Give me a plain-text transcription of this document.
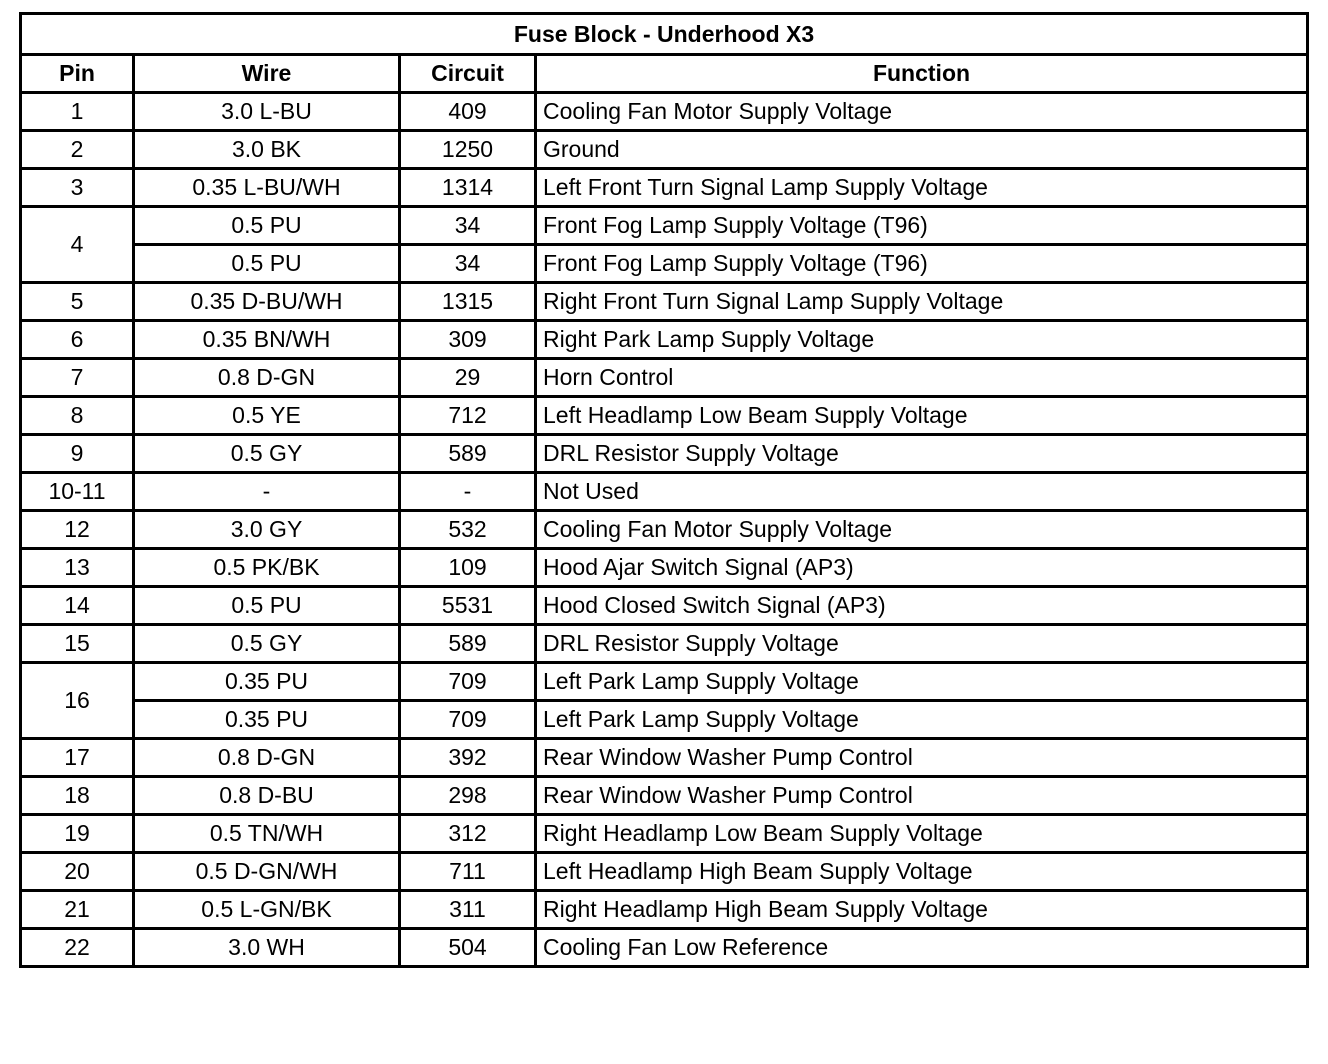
Fuse Block - Underhood X3			
Pin	Wire	Circuit	Function
1	3.0 L-BU	409	Cooling Fan Motor Supply Voltage
2	3.0 BK	1250	Ground
3	0.35 L-BU/WH	1314	Left Front Turn Signal Lamp Supply Voltage
4	0.5 PU	34	Front Fog Lamp Supply Voltage (T96)
	0.5 PU	34	Front Fog Lamp Supply Voltage (T96)
5	0.35 D-BU/WH	1315	Right Front Turn Signal Lamp Supply Voltage
6	0.35 BN/WH	309	Right Park Lamp Supply Voltage
7	0.8 D-GN	29	Horn Control
8	0.5 YE	712	Left Headlamp Low Beam Supply Voltage
9	0.5 GY	589	DRL Resistor Supply Voltage
10-11	-	-	Not Used
12	3.0 GY	532	Cooling Fan Motor Supply Voltage
13	0.5 PK/BK	109	Hood Ajar Switch Signal (AP3)
14	0.5 PU	5531	Hood Closed Switch Signal (AP3)
15	0.5 GY	589	DRL Resistor Supply Voltage
16	0.35 PU	709	Left Park Lamp Supply Voltage
	0.35 PU	709	Left Park Lamp Supply Voltage
17	0.8 D-GN	392	Rear Window Washer Pump Control
18	0.8 D-BU	298	Rear Window Washer Pump Control
19	0.5 TN/WH	312	Right Headlamp Low Beam Supply Voltage
20	0.5 D-GN/WH	711	Left Headlamp High Beam Supply Voltage
21	0.5 L-GN/BK	311	Right Headlamp High Beam Supply Voltage
22	3.0 WH	504	Cooling Fan Low Reference
